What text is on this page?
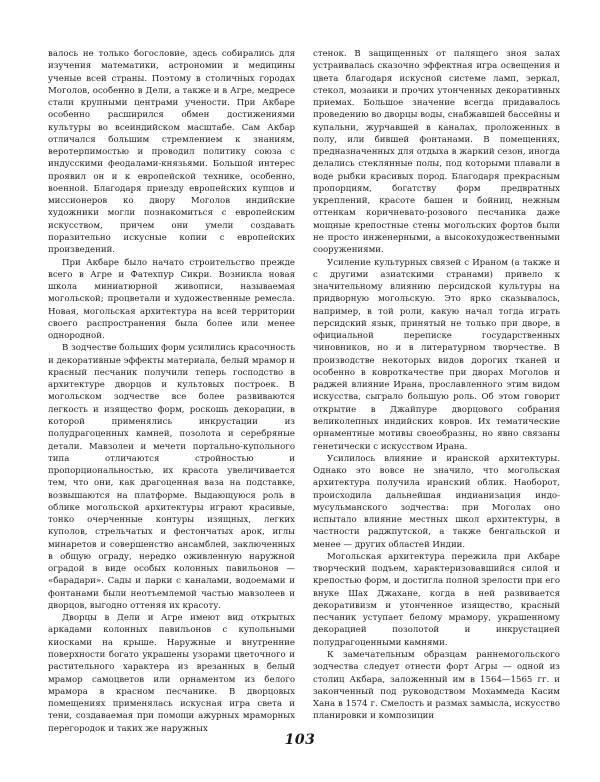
валось не только богословие, здесь собирались для изучения математики, астрономии и медицины ученые всей страны. Поэтому в столичных городах Моголов, особенно в Дели, а также и в Агре, медресе стали крупными центрами учености. При Акбаре особенно расширился обмен достижениями культуры во всеиндийском масштабе. Сам Акбар отличался большим стремлением к знаниям, веротерпимостью и проводил политику союза с индусскими феодалами-князьями. Большой интерес проявил он и к европейской технике, особенно, военной. Благодаря приезду европейских купцов и миссионеров ко двору Моголов индийские художники могли познакомиться с европейским искусством, причем они умели создавать поразительно искусные копии с европейских произведений.

При Акбаре было начато строительство прежде всего в Агре и Фатехпур Сикри. Возникла новая школа миниатюрной живописи, называемая могольской; процветали и художественные ремесла. Новая, могольская архитектура на всей территории своего распространения была более или менее однородной.

В зодчестве больших форм усилились красочность и декоративные эффекты материала, белый мрамор и красный песчаник получили теперь господство в архитектуре дворцов и культовых построек. В могольском зодчестве все более развиваются легкость и изящество форм, роскошь декорации, в которой применялись инкрустации из полудрагоценных камней, позолота и серебряные детали. Мавзолеи и мечети портально-купольного типа отличаются стройностью и пропорциональностью, их красота увеличивается тем, что они, как драгоценная ваза на подставке, возвышаются на платформе. Выдающуюся роль в облике могольской архитектуры играют красивые, тонко очерченные контуры изящных, легких куполов, стрельчатых и фестончатых арок, иглы минаретов и совершенство ансамблей, заключенных в общую ограду, нередко оживленную наружной оградой в виде особых колонных павильонов — «барадари». Сады и парки с каналами, водоемами и фонтанами были неотъемлемой частью мавзолеев и дворцов, выгодно оттеняя их красоту.

Дворцы в Дели и Агре имеют вид открытых аркадами колонных павильонов с купольными киосками на крыше. Наружные и внутренние поверхности богато украшены узорами цветочного и растительного характера из врезанных в белый мрамор самоцветов или орнаментом из белого мрамора в красном песчанике. В дворцовых помещениях применялась искусная игра света и тени, создаваемая при помощи ажурных мраморных перегородок и таких же наружных

стенок. В защищенных от палящего зноя залах устраивалась сказочно эффектная игра освещения и цвета благодаря искусной системе ламп, зеркал, стекол, мозаики и прочих утонченных декоративных приемах. Большое значение всегда придавалось проведению во дворцы воды, снабжавшей бассейны и купальни, журчавшей в каналах, проложенных в полу, или бившей фонтанами. В помещениях, предназначенных для отдыха в жаркий сезон, иногда делались стеклянные полы, под которыми плавали в воде рыбки красивых пород. Благодаря прекрасным пропорциям, богатству форм предвратных укреплений, красоте башен и бойниц, нежным оттенкам коричневато-розового песчаника даже мощные крепостные стены могольских фортов были не просто инженерными, а высокохудожественными сооружениями.

Усиление культурных связей с Ираном (а также и с другими азиатскими странами) привело к значительному влиянию персидской культуры на придворную могольскую. Это ярко сказывалось, например, в той роли, какую начал тогда играть персидский язык, принятый не только при дворе, в официальной переписке государственных чиновников, но и в литературном творчестве. В производстве некоторых видов дорогих тканей и особенно в ковроткачестве при дворах Моголов и раджей влияние Ирана, прославленного этим видом искусства, сыграло большую роль. Об этом говорит открытие в Джайпуре дворцового собрания великолепных индийских ковров. Их тематические орнаментные мотивы своеобразны, но явно связаны генетически с искусством Ирана.

Усилилось влияние и иранской архитектуры. Однако это вовсе не значило, что могольская архитектура получила иранский облик. Наоборот, происходила дальнейшая индианизация индо-мусульманского зодчества: при Моголах оно испытало влияние местных школ архитектуры, в частности раджпутской, а также бенгальской и менее — других областей Индии.

Могольская архитектура пережила при Акбаре творческий подъем, характеризовавшийся силой и крепостью форм, и достигла полной зрелости при его внуке Шах Джахане, когда в ней развивается декоративизм и утонченное изящество, красный песчаник уступает белому мрамору, украшенному декорацией позолотой и инкрустацией полудрагоценными камнями.

К замечательным образцам раннемогольского зодчества следует отнести форт Агры — одной из столиц Акбара, заложенный им в 1564—1565 гг. и законченный под руководством Мохаммеда Касим Хана в 1574 г. Смелость и размах замысла, искусство планировки и композиции

103
